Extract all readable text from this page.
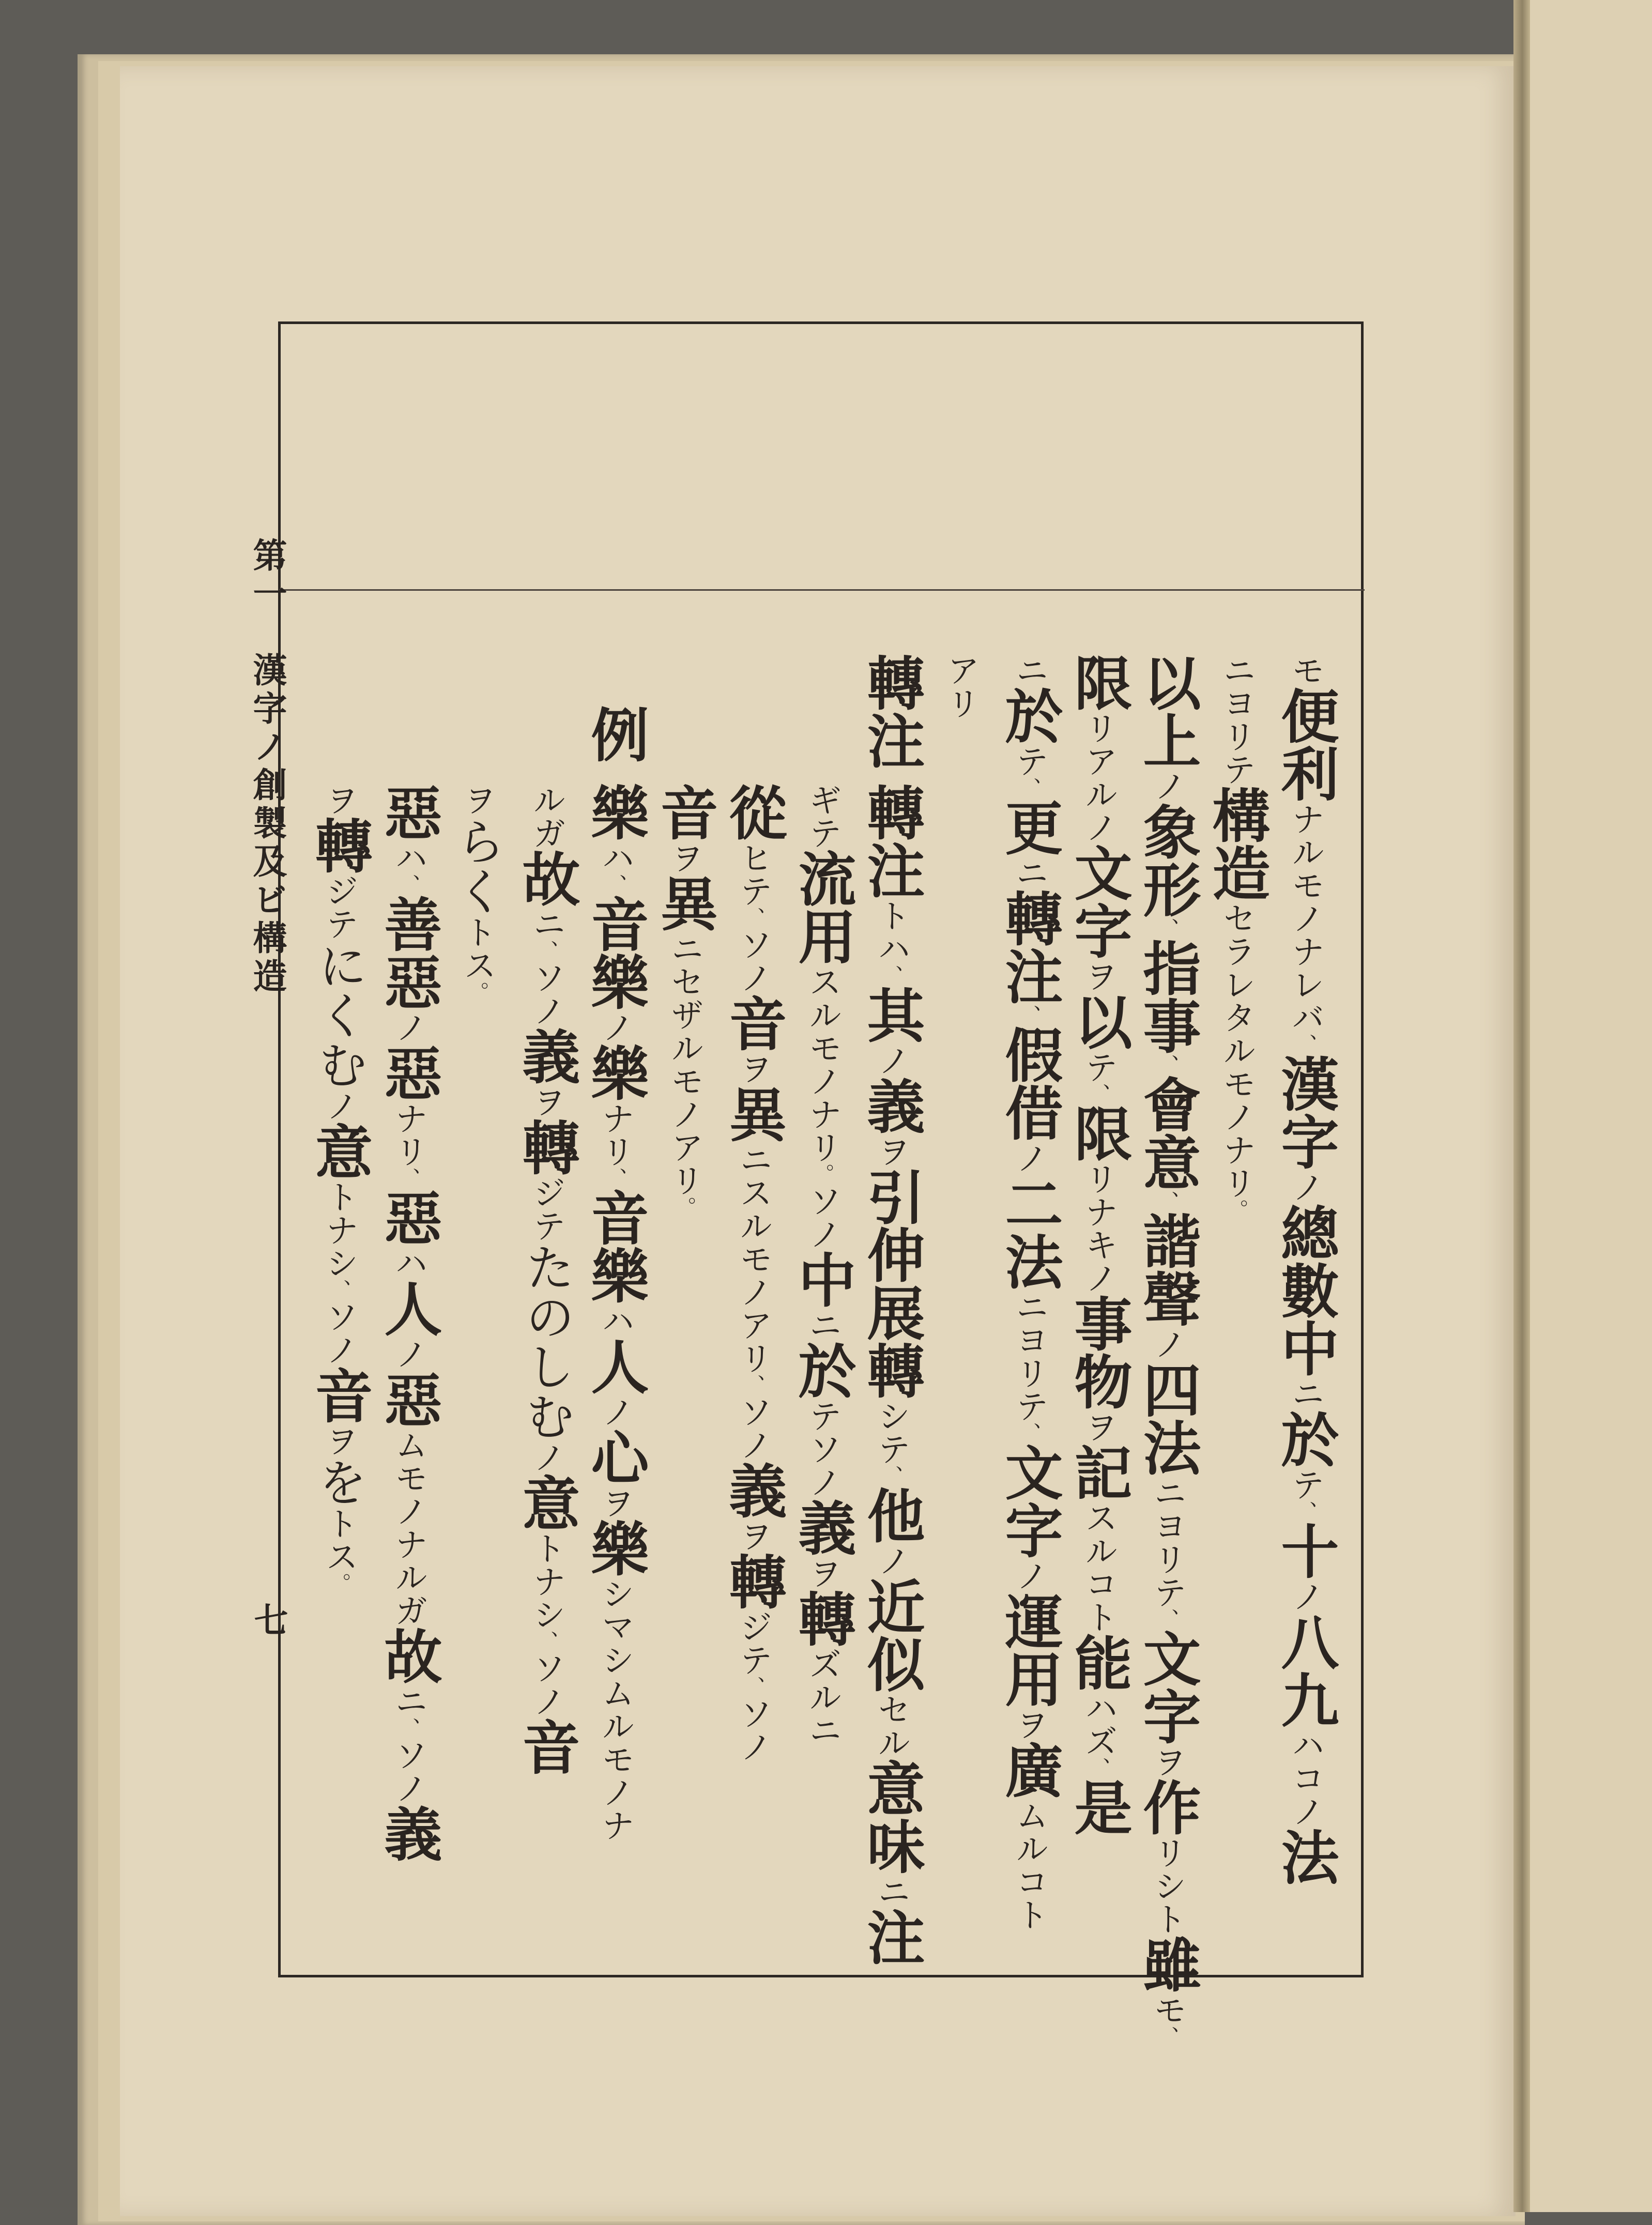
第一　漢字ノ創製及ビ構造
七
モ便利ナルモノナレバ、漢字ノ總數中ニ於テ、十ノ八九ハコノ法
ニヨリテ構造セラレタルモノナリ。
以上ノ象形、指事、會意、諧聲ノ四法ニヨリテ、文字ヲ作リシト雖モ、
限リアルノ文字ヲ以テ、限リナキノ事物ヲ記スルコト能ハズ、是
ニ於テ、更ニ轉注、假借ノ二法ニヨリテ、文字ノ運用ヲ廣ムルコト
アリ
轉注
轉注トハ、其ノ義ヲ引伸展轉シテ、他ノ近似セル意味ニ注
ギテ流用スルモノナリ。ソノ中ニ於テソノ義ヲ轉ズルニ
從ヒテ、ソノ音ヲ異ニスルモノアリ、ソノ義ヲ轉ジテ、ソノ
音ヲ異ニセザルモノアリ。
例
樂ハ、音樂ノ樂ナリ、音樂ハ人ノ心ヲ樂シマシムルモノナ
ルガ故ニ、ソノ義ヲ轉ジテたのしむノ意トナシ、ソノ音
ヲらくトス。
惡ハ、善惡ノ惡ナリ、惡ハ人ノ惡ムモノナルガ故ニ、ソノ義
ヲ轉ジテにくむノ意トナシ、ソノ音ヲをトス。
